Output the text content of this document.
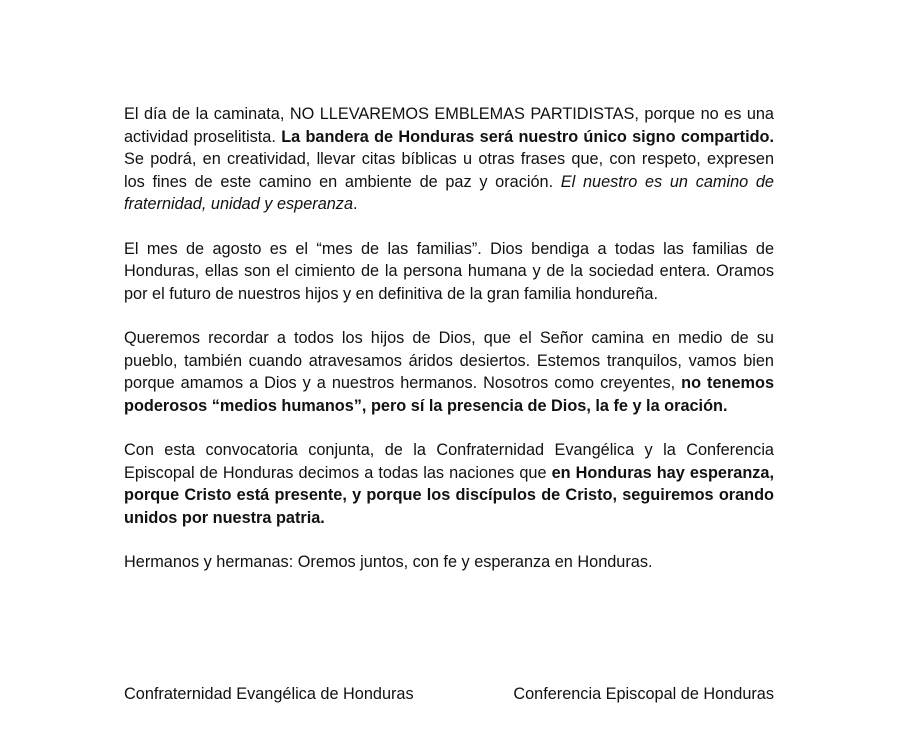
El día de la caminata, NO LLEVAREMOS EMBLEMAS PARTIDISTAS, porque no es una actividad proselitista. La bandera de Honduras será nuestro único signo compartido. Se podrá, en creatividad, llevar citas bíblicas u otras frases que, con respeto, expresen los fines de este camino en ambiente de paz y oración. El nuestro es un camino de fraternidad, unidad y esperanza.

El mes de agosto es el “mes de las familias”. Dios bendiga a todas las familias de Honduras, ellas son el cimiento de la persona humana y de la sociedad entera. Oramos por el futuro de nuestros hijos y en definitiva de la gran familia hondureña.

Queremos recordar a todos los hijos de Dios, que el Señor camina en medio de su pueblo, también cuando atravesamos áridos desiertos. Estemos tranquilos, vamos bien porque amamos a Dios y a nuestros hermanos. Nosotros como creyentes, no tenemos poderosos “medios humanos”, pero sí la presencia de Dios, la fe y la oración.

Con esta convocatoria conjunta, de la Confraternidad Evangélica y la Conferencia Episcopal de Honduras decimos a todas las naciones que en Honduras hay esperanza, porque Cristo está presente, y porque los discípulos de Cristo, seguiremos orando unidos por nuestra patria.

Hermanos y hermanas: Oremos juntos, con fe y esperanza en Honduras.

Confraternidad Evangélica de Honduras	Conferencia Episcopal de Honduras
